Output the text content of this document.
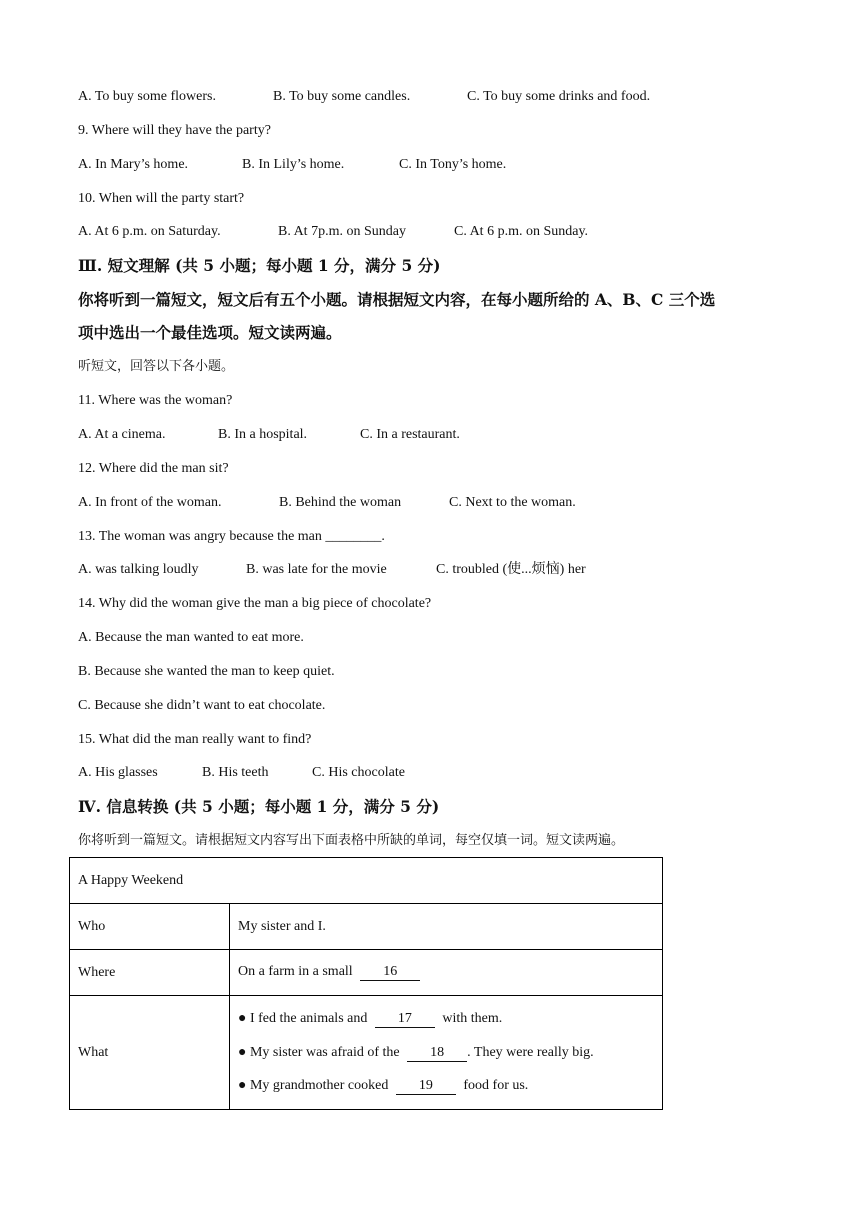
A. To buy some flowers.	B. To buy some candles.	C. To buy some drinks and food.
9. Where will they have the party?
A. In Mary’s home.	B. In Lily’s home.	C. In Tony’s home.
10. When will the party start?
A. At 6 p.m. on Saturday.	B. At 7p.m. on Sunday	C. At 6 p.m. on Sunday.
Ⅲ. 短文理解 (共 5 小题；每小题 1 分，满分 5 分)
你将听到一篇短文，短文后有五个小题。请根据短文内容，在每小题所给的 A、B、C 三个选
项中选出一个最佳选项。短文读两遍。
听短文，回答以下各小题。
11. Where was the woman?
A. At a cinema.	B. In a hospital.	C. In a restaurant.
12. Where did the man sit?
A. In front of the woman.	B. Behind the woman	C. Next to the woman.
13. The woman was angry because the man ________.
A. was talking loudly	B. was late for the movie	C. troubled (使...烦恼) her
14. Why did the woman give the man a big piece of chocolate?
A. Because the man wanted to eat more.
B. Because she wanted the man to keep quiet.
C. Because she didn’t want to eat chocolate.
15. What did the man really want to find?
A. His glasses	B. His teeth	C. His chocolate
Ⅳ. 信息转换 (共 5 小题；每小题 1 分，满分 5 分)
你将听到一篇短文。请根据短文内容写出下面表格中所缺的单词，每空仅填一词。短文读两遍。
A Happy Weekend	
Who	My sister and I.
Where	On a farm in a small 16
What	● I fed the animals and 17 with them.
● My sister was afraid of the 18 . They were really big.
● My grandmother cooked 19 food for us.
